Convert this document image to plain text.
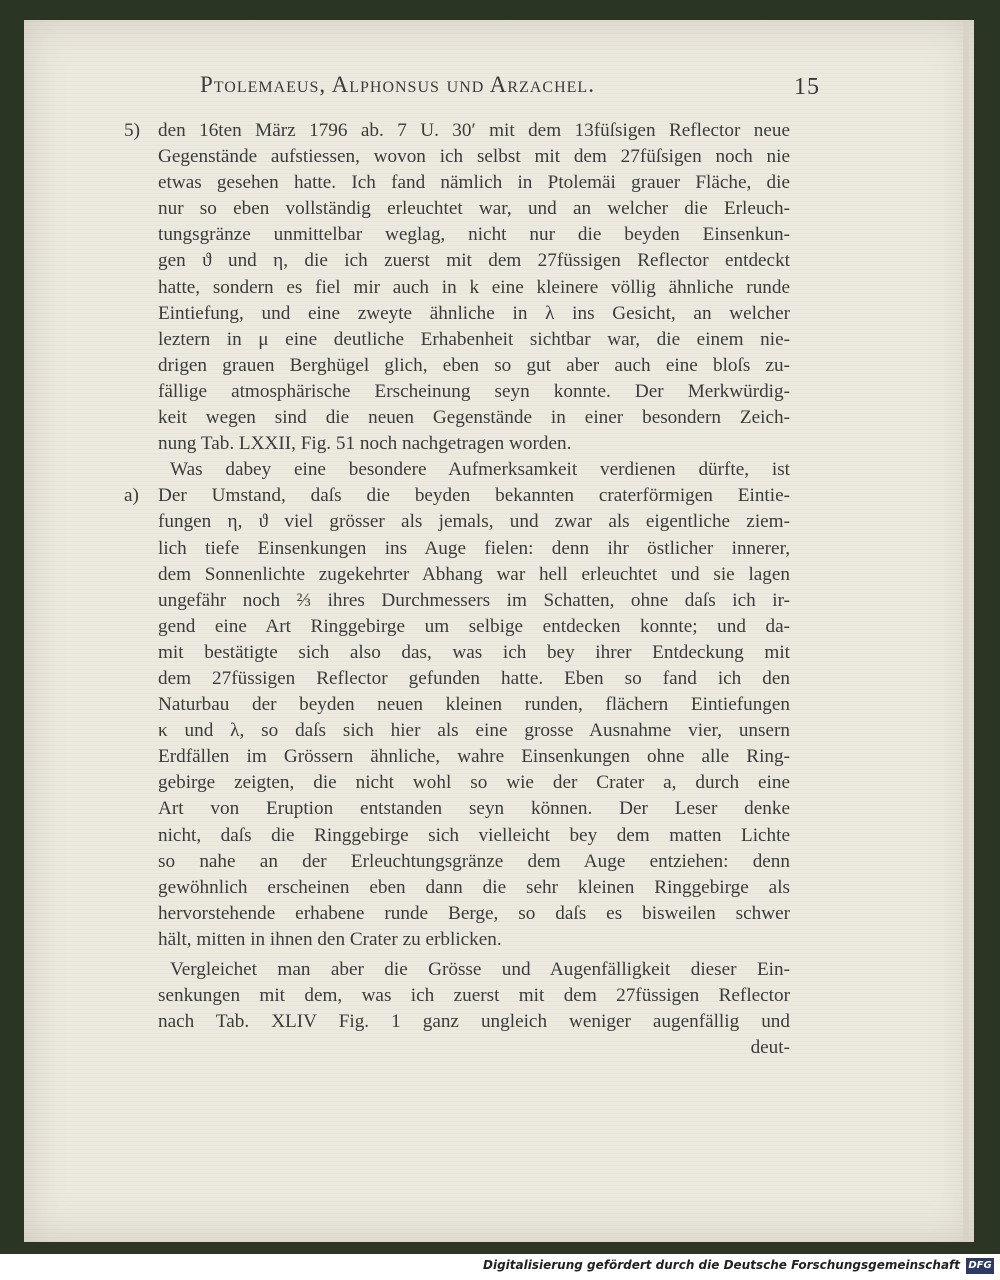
Ptolemaeus, Alphonsus und Arzachel.	15
5) den 16ten März 1796 ab. 7 U. 30′ mit dem 13füſsigen Reflector neue
Gegenstände aufstiessen, wovon ich selbst mit dem 27füſsigen noch nie
etwas gesehen hatte. Ich fand nämlich in Ptolemäi grauer Fläche, die
nur so eben vollständig erleuchtet war, und an welcher die Erleuch-
tungsgränze unmittelbar weglag, nicht nur die beyden Einsenkun-
gen ϑ und η, die ich zuerst mit dem 27füssigen Reflector entdeckt
hatte, sondern es fiel mir auch in k eine kleinere völlig ähnliche runde
Eintiefung, und eine zweyte ähnliche in λ ins Gesicht, an welcher
leztern in μ eine deutliche Erhabenheit sichtbar war, die einem nie-
drigen grauen Berghügel glich, eben so gut aber auch eine bloſs zu-
fällige atmosphärische Erscheinung seyn konnte. Der Merkwürdig-
keit wegen sind die neuen Gegenstände in einer besondern Zeich-
nung Tab. LXXII, Fig. 51 noch nachgetragen worden.
Was dabey eine besondere Aufmerksamkeit verdienen dürfte, ist
a) Der Umstand, daſs die beyden bekannten craterförmigen Eintie-
fungen η, ϑ viel grösser als jemals, und zwar als eigentliche ziem-
lich tiefe Einsenkungen ins Auge fielen: denn ihr östlicher innerer,
dem Sonnenlichte zugekehrter Abhang war hell erleuchtet und sie lagen
ungefähr noch ⅔ ihres Durchmessers im Schatten, ohne daſs ich ir-
gend eine Art Ringgebirge um selbige entdecken konnte; und da-
mit bestätigte sich also das, was ich bey ihrer Entdeckung mit
dem 27füssigen Reflector gefunden hatte. Eben so fand ich den
Naturbau der beyden neuen kleinen runden, flächern Eintiefungen
κ und λ, so daſs sich hier als eine grosse Ausnahme vier, unsern
Erdfällen im Grössern ähnliche, wahre Einsenkungen ohne alle Ring-
gebirge zeigten, die nicht wohl so wie der Crater a, durch eine
Art von Eruption entstanden seyn können. Der Leser denke
nicht, daſs die Ringgebirge sich vielleicht bey dem matten Lichte
so nahe an der Erleuchtungsgränze dem Auge entziehen: denn
gewöhnlich erscheinen eben dann die sehr kleinen Ringgebirge als
hervorstehende erhabene runde Berge, so daſs es bisweilen schwer
hält, mitten in ihnen den Crater zu erblicken.
Vergleichet man aber die Grösse und Augenfälligkeit dieser Ein-
senkungen mit dem, was ich zuerst mit dem 27füssigen Reflector
nach Tab. XLIV Fig. 1 ganz ungleich weniger augenfällig und
deut-
Digitalisierung gefördert durch die Deutsche Forschungsgemeinschaft DFG
